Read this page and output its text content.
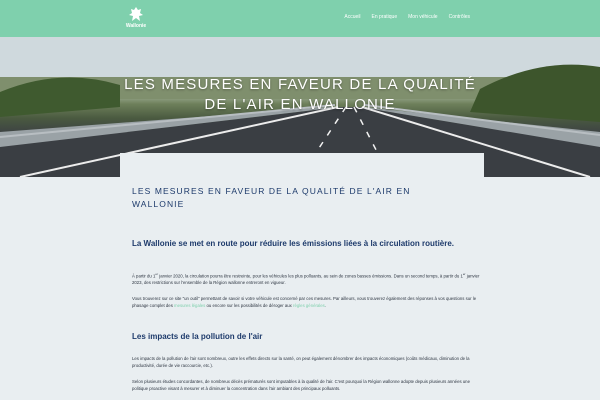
Wallonie
Accueil En pratique Mon véhicule Contrôles
LES MESURES EN FAVEUR DE LA QUALITÉ
DE L'AIR EN WALLONIE
LES MESURES EN FAVEUR DE LA QUALITÉ DE L'AIR EN WALLONIE
La Wallonie se met en route pour réduire les émissions liées à la circulation routière.

À partir du 1er janvier 2020, la circulation pourra être restreinte, pour les véhicules les plus polluants, au sein de zones basses émissions. Dans un second temps, à partir du 1er janvier 2023, des restrictions sur l'ensemble de la Région wallonne entreront en vigueur.

Vous trouverez sur ce site "un outil" permettant de savoir si votre véhicule est concerné par ces mesures. Par ailleurs, vous trouverez également des réponses à vos questions sur le phasage complet des mesures légales ou encore sur les possibilités de déroger aux règles générales.

Les impacts de la pollution de l'air

Les impacts de la pollution de l'air sont nombreux, outre les effets directs sur la santé, on peut également dénombrer des impacts économiques (coûts médicaux, diminution de la productivité, durée de vie raccourcie, etc.).

Selon plusieurs études concordantes, de nombreux décès prématurés sont imputables à la qualité de l'air. C'est pourquoi la Région wallonne adopte depuis plusieurs années une politique proactive visant à mesurer et à diminuer la concentration dans l'air ambiant des principaux polluants.
